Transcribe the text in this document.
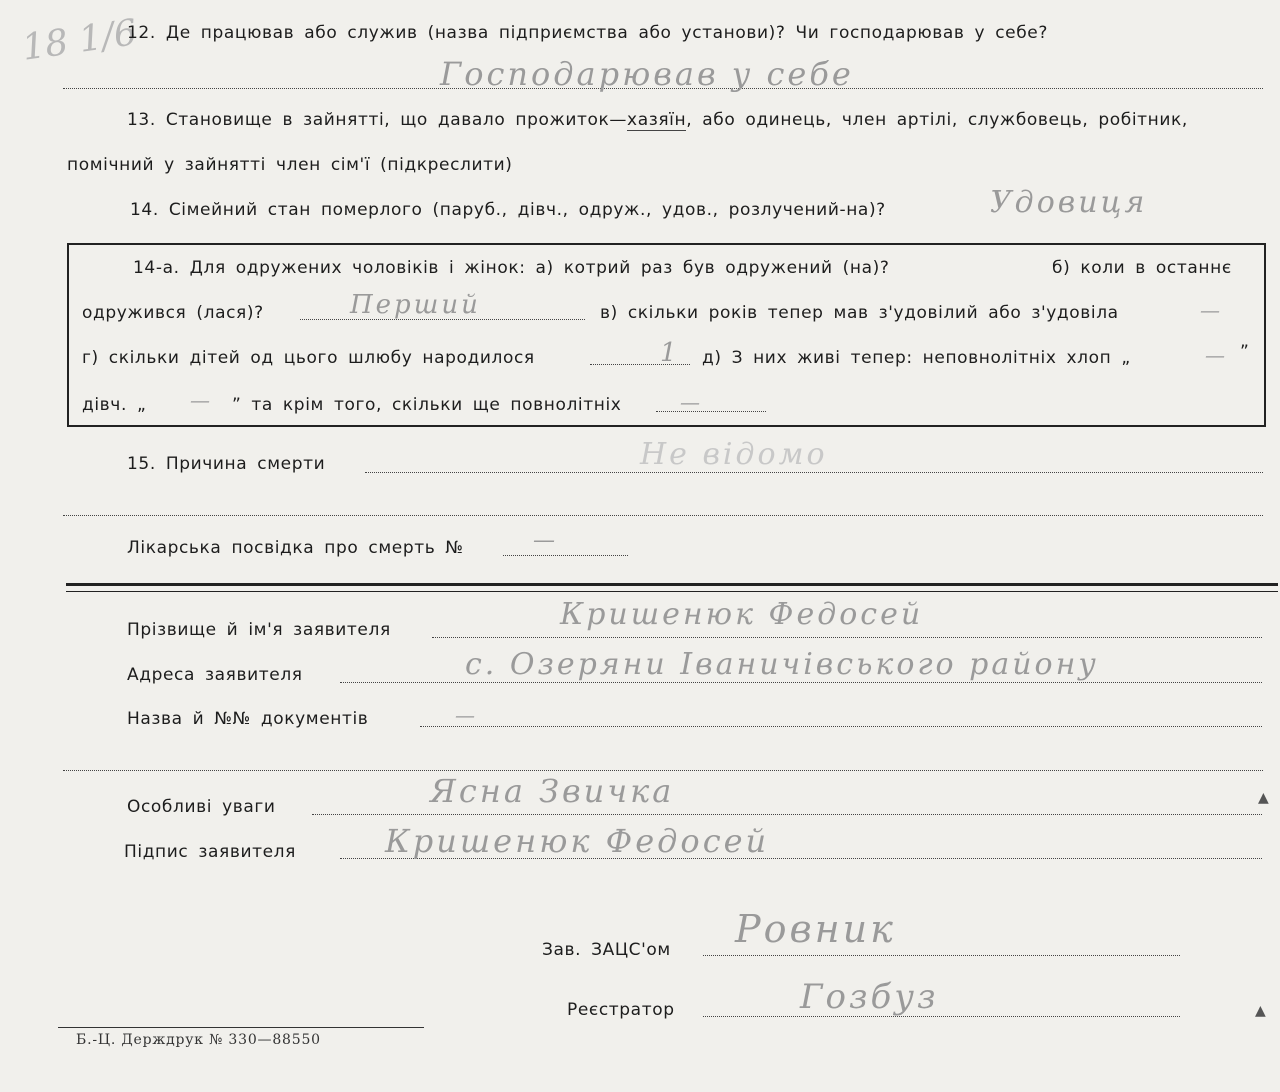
18 1/6
12. Де працював або служив (назва підприємства або установи)? Чи господарював у себе?
Господарював у себе
13. Становище в зайнятті, що давало прожиток—хазяїн, або одинець, член артілі, службовець, робітник,
помічний у зайнятті член сім'ї (підкреслити)
14. Сімейний стан померлого (паруб., дівч., одруж., удов., розлучений-на)?	Удовиця
14-а. Для одружених чоловіків і жінок: а) котрий раз був одружений (на)?	б) коли в останнє
одружився (лася)?	Перший	в) скільки років тепер мав з'удовілий або з'удовіла	—
г) скільки дітей од цього шлюбу народилося	1 д) З них живі тепер: неповнолітніх хлоп „	— ”
дівч. „ — ” та крім того, скільки ще повнолітніх	—
15. Причина смерти	Не відомо
Лікарська посвідка про смерть №	—
Прізвище й ім'я заявителя	Кришенюк Федосей
Адреса заявителя	с. Озеряни Іваничівського району
Назва й №№ документів	—
Особливі уваги	Ясна Звичка	▲
Підпис заявителя	Кришенюк Федосей
Зав. ЗАЦС'ом Ровник
Реєстратор	Гозбуз	▲
Б.-Ц. Держдрук № 330—88550
